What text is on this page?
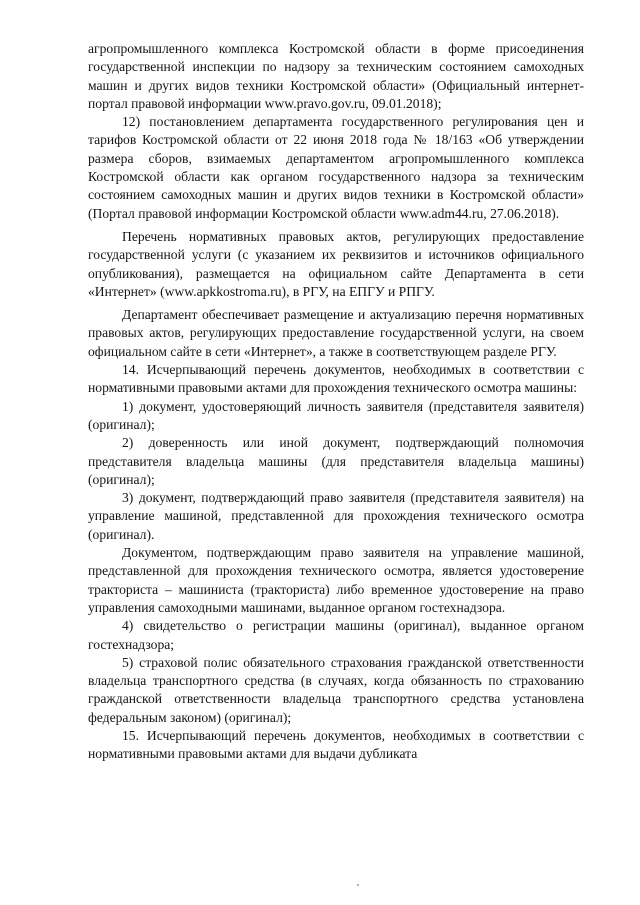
агропромышленного комплекса Костромской области в форме присоединения государственной инспекции по надзору за техническим состоянием самоходных машин и других видов техники Костромской области» (Официальный интернет-портал правовой информации www.pravo.gov.ru, 09.01.2018);

12) постановлением департамента государственного регулирования цен и тарифов Костромской области от 22 июня 2018 года № 18/163 «Об утверждении размера сборов, взимаемых департаментом агропромышленного комплекса Костромской области как органом государственного надзора за техническим состоянием самоходных машин и других видов техники в Костромской области» (Портал правовой информации Костромской области www.adm44.ru, 27.06.2018).

Перечень нормативных правовых актов, регулирующих предоставление государственной услуги (с указанием их реквизитов и источников официального опубликования), размещается на официальном сайте Департамента в сети «Интернет» (www.apkkostroma.ru), в РГУ, на ЕПГУ и РПГУ.

Департамент обеспечивает размещение и актуализацию перечня нормативных правовых актов, регулирующих предоставление государственной услуги, на своем официальном сайте в сети «Интернет», а также в соответствующем разделе РГУ.

14. Исчерпывающий перечень документов, необходимых в соответствии с нормативными правовыми актами для прохождения технического осмотра машины:

1) документ, удостоверяющий личность заявителя (представителя заявителя) (оригинал);

2) доверенность или иной документ, подтверждающий полномочия представителя владельца машины (для представителя владельца машины) (оригинал);

3) документ, подтверждающий право заявителя (представителя заявителя) на управление машиной, представленной для прохождения технического осмотра (оригинал).

Документом, подтверждающим право заявителя на управление машиной, представленной для прохождения технического осмотра, является удостоверение тракториста – машиниста (тракториста) либо временное удостоверение на право управления самоходными машинами, выданное органом гостехнадзора.

4) свидетельство о регистрации машины (оригинал), выданное органом гостехнадзора;

5) страховой полис обязательного страхования гражданской ответственности владельца транспортного средства (в случаях, когда обязанность по страхованию гражданской ответственности владельца транспортного средства установлена федеральным законом) (оригинал);

15. Исчерпывающий перечень документов, необходимых в соответствии с нормативными правовыми актами для выдачи дубликата
